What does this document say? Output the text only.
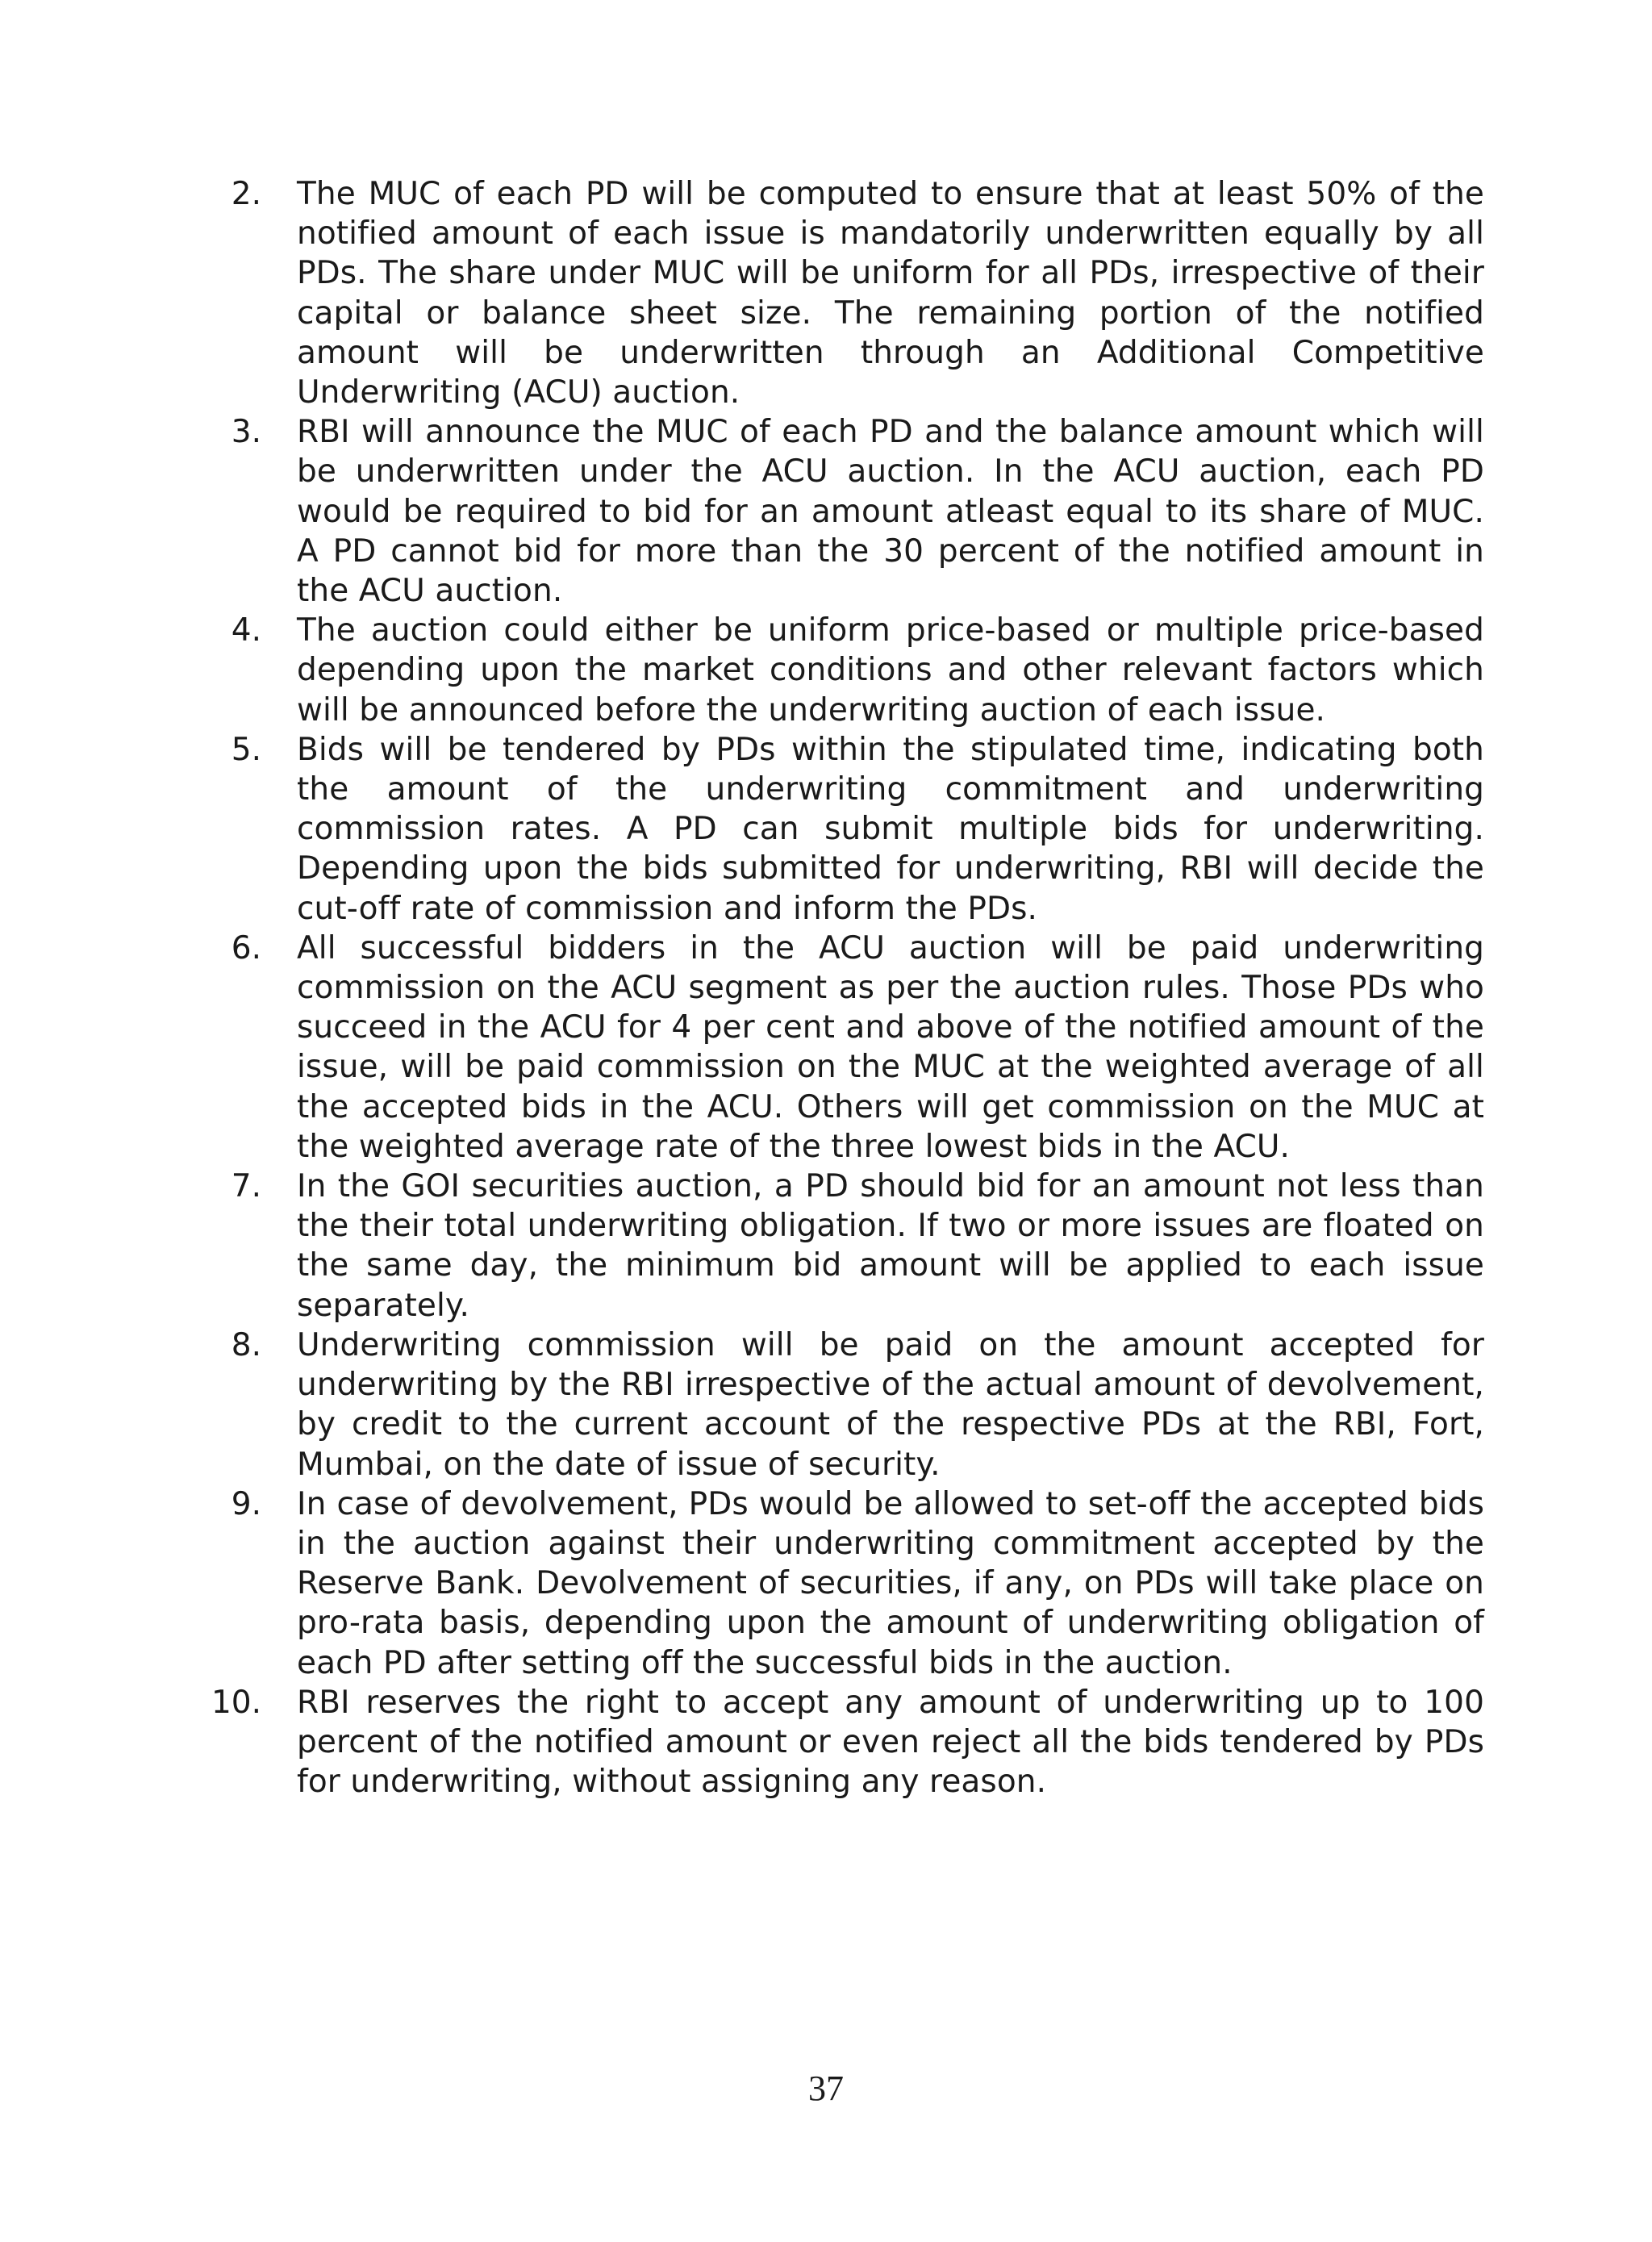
2. The MUC of each PD will be computed to ensure that at least 50% of the notified amount of each issue is mandatorily underwritten equally by all PDs. The share under MUC will be uniform for all PDs, irrespective of their capital or balance sheet size. The remaining portion of the notified amount will be underwritten through an Additional Competitive Underwriting (ACU) auction.
3. RBI will announce the MUC of each PD and the balance amount which will be underwritten under the ACU auction. In the ACU auction, each PD would be required to bid for an amount atleast equal to its share of MUC. A PD cannot bid for more than the 30 percent of the notified amount in the ACU auction.
4. The auction could either be uniform price-based or multiple price-based depending upon the market conditions and other relevant factors which will be announced before the underwriting auction of each issue.
5. Bids will be tendered by PDs within the stipulated time, indicating both the amount of the underwriting commitment and underwriting commission rates. A PD can submit multiple bids for underwriting. Depending upon the bids submitted for underwriting, RBI will decide the cut-off rate of commission and inform the PDs.
6. All successful bidders in the ACU auction will be paid underwriting commission on the ACU segment as per the auction rules. Those PDs who succeed in the ACU for 4 per cent and above of the notified amount of the issue, will be paid commission on the MUC at the weighted average of all the accepted bids in the ACU. Others will get commission on the MUC at the weighted average rate of the three lowest bids in the ACU.
7. In the GOI securities auction, a PD should bid for an amount not less than the their total underwriting obligation. If two or more issues are floated on the same day, the minimum bid amount will be applied to each issue separately.
8. Underwriting commission will be paid on the amount accepted for underwriting by the RBI irrespective of the actual amount of devolvement, by credit to the current account of the respective PDs at the RBI, Fort, Mumbai, on the date of issue of security.
9. In case of devolvement, PDs would be allowed to set-off the accepted bids in the auction against their underwriting commitment accepted by the Reserve Bank. Devolvement of securities, if any, on PDs will take place on pro-rata basis, depending upon the amount of underwriting obligation of each PD after setting off the successful bids in the auction.
10. RBI reserves the right to accept any amount of underwriting up to 100 percent of the notified amount or even reject all the bids tendered by PDs for underwriting, without assigning any reason.
37
